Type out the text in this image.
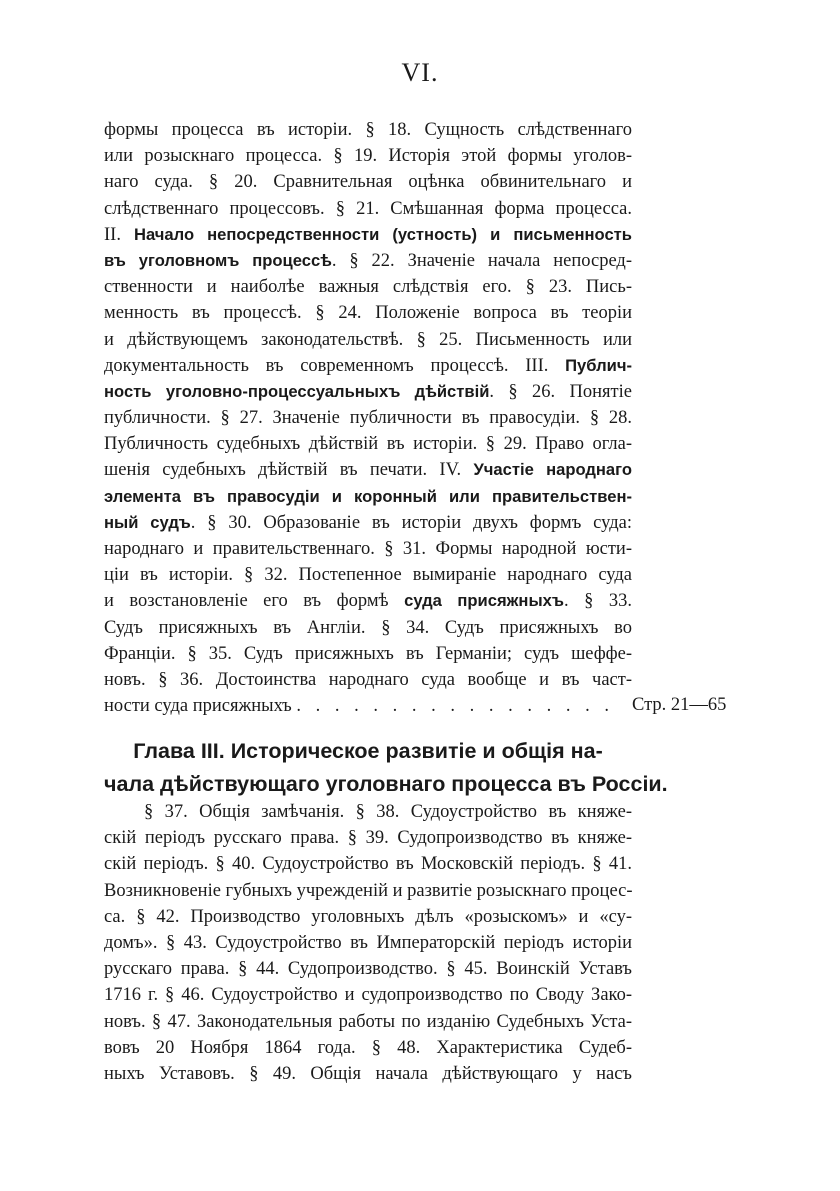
VI.
формы процесса въ исторіи. § 18. Сущность слѣдственнаго
или розыскнаго процесса. § 19. Исторія этой формы уголов-
наго суда. § 20. Сравнительная оцѣнка обвинительнаго и
слѣдственнаго процессовъ. § 21. Смѣшанная форма процесса.
II. Начало непосредственности (устность) и письменность
въ уголовномъ процессѣ. § 22. Значеніе начала непосред-
ственности и наиболѣе важныя слѣдствія его. § 23. Пись-
менность въ процессѣ. § 24. Положеніе вопроса въ теоріи
и дѣйствующемъ законодательствѣ. § 25. Письменность или
документальность въ современномъ процессѣ. III. Публич-
ность уголовно-процессуальныхъ дѣйствій. § 26. Понятіе
публичности. § 27. Значеніе публичности въ правосудіи. § 28.
Публичность судебныхъ дѣйствій въ исторіи. § 29. Право огла-
шенія судебныхъ дѣйствій въ печати. IV. Участіе народнаго
элемента въ правосудіи и коронный или правительствен-
ный судъ. § 30. Образованіе въ исторіи двухъ формъ суда:
народнаго и правительственнаго. § 31. Формы народной юсти-
ціи въ исторіи. § 32. Постепенное вымираніе народнаго суда
и возстановленіе его въ формѣ суда присяжныхъ. § 33.
Судъ присяжныхъ въ Англіи. § 34. Судъ присяжныхъ во
Франціи. § 35. Судъ присяжныхъ въ Германіи; судъ шеффе-
новъ. § 36. Достоинства народнаго суда вообще и въ част-
ности суда присяжныхъ . . . . . . . . . . . . . . . . . Стр. 21—65
Глава III. Историческое развитіе и общія на-
чала дѣйствующаго уголовнаго процесса въ Россіи.
§ 37. Общія замѣчанія. § 38. Судоустройство въ княже-
скій періодъ русскаго права. § 39. Судопроизводство въ княже-
скій періодъ. § 40. Судоустройство въ Московскій періодъ. § 41.
Возникновеніе губныхъ учрежденій и развитіе розыскнаго процес-
са. § 42. Производство уголовныхъ дѣлъ «розыскомъ» и «су-
домъ». § 43. Судоустройство въ Императорскій періодъ исторіи
русскаго права. § 44. Судопроизводство. § 45. Воинскій Уставъ
1716 г. § 46. Судоустройство и судопроизводство по Своду Зако-
новъ. § 47. Законодательныя работы по изданію Судебныхъ Уста-
вовъ 20 Ноября 1864 года. § 48. Характеристика Судеб-
ныхъ Уставовъ. § 49. Общія начала дѣйствующаго у насъ
